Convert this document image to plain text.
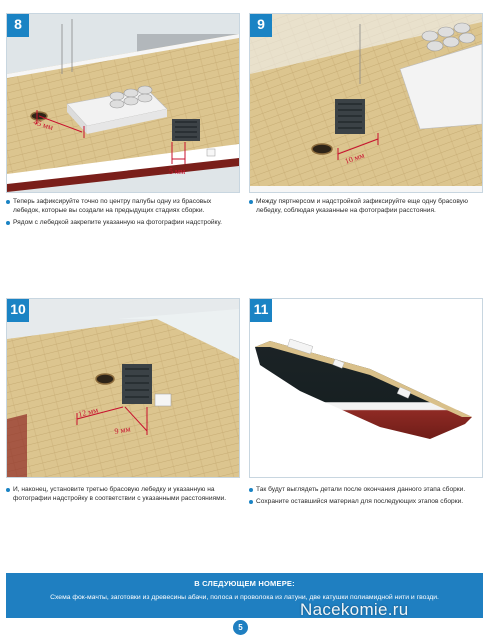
8
45 мм
5 мм
Теперь зафиксируйте точно по центру палубы одну из брасовых лебедок, которые вы создали на предыдущих стадиях сборки.
Рядом с лебедкой закрепите указанную на фотографии надстройку.
9
10 мм
Между пяртнерсом и надстройкой зафиксируйте еще одну брасовую лебедку, соблюдая указанные на фотографии расстояния.
10
12 мм
9 мм
И, наконец, установите третью брасовую лебедку и указанную на фотографии надстройку в соответствии с указанными расстояниями.
11
Так будут выглядеть детали после окончания данного этапа сборки.
Сохраните оставшийся материал для последующих этапов сборки.
В СЛЕДУЮЩЕМ НОМЕРЕ:
Схема фок-мачты, заготовки из древесины абачи, полоса и проволока из латуни, две катушки полиамидной нити и гвозди.
Nacekomie.ru
5
